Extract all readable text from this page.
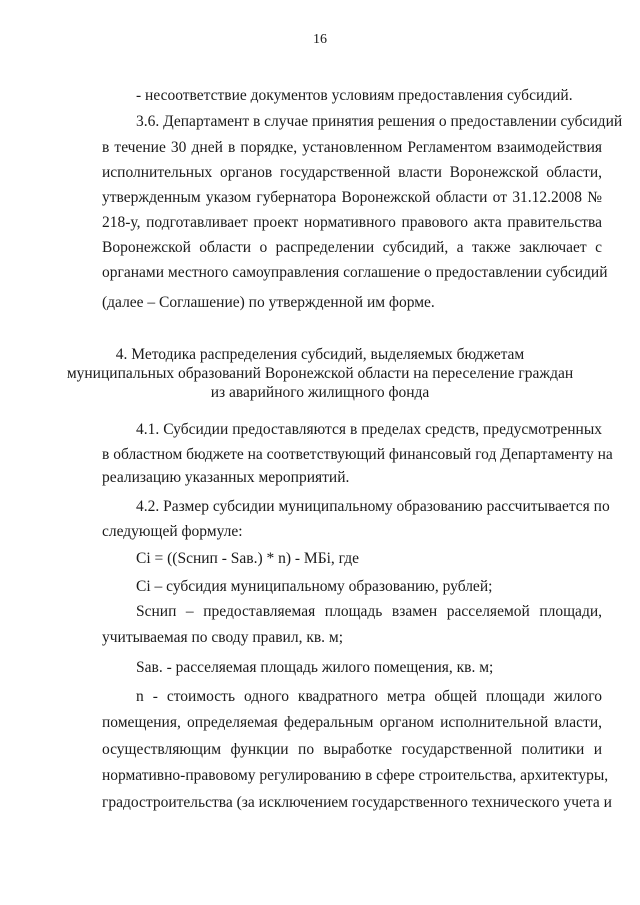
16
- несоответствие документов условиям предоставления субсидий.
3.6. Департамент в случае принятия решения о предоставлении субсидий
в течение 30 дней в порядке, установленном Регламентом взаимодействия
исполнительных органов государственной власти Воронежской области,
утвержденным указом губернатора Воронежской области от 31.12.2008 №
218-у, подготавливает проект нормативного правового акта правительства
Воронежской области о распределении субсидий, а также заключает с
органами местного самоуправления соглашение о предоставлении субсидий
(далее – Соглашение) по утвержденной им форме.
4. Методика распределения субсидий, выделяемых бюджетам
муниципальных образований Воронежской области на переселение граждан
из аварийного жилищного фонда
4.1. Субсидии предоставляются в пределах средств, предусмотренных
в областном бюджете на соответствующий финансовый год Департаменту на
реализацию указанных мероприятий.
4.2. Размер субсидии муниципальному образованию рассчитывается по
следующей формуле:
Ci = ((Sснип - Sав.) * n) - МБi, где
Ci – субсидия муниципальному образованию, рублей;
Sснип – предоставляемая площадь взамен расселяемой площади,
учитываемая по своду правил, кв. м;
Sав. - расселяемая площадь жилого помещения, кв. м;
n - стоимость одного квадратного метра общей площади жилого
помещения, определяемая федеральным органом исполнительной власти,
осуществляющим функции по выработке государственной политики и
нормативно-правовому регулированию в сфере строительства, архитектуры,
градостроительства (за исключением государственного технического учета и
